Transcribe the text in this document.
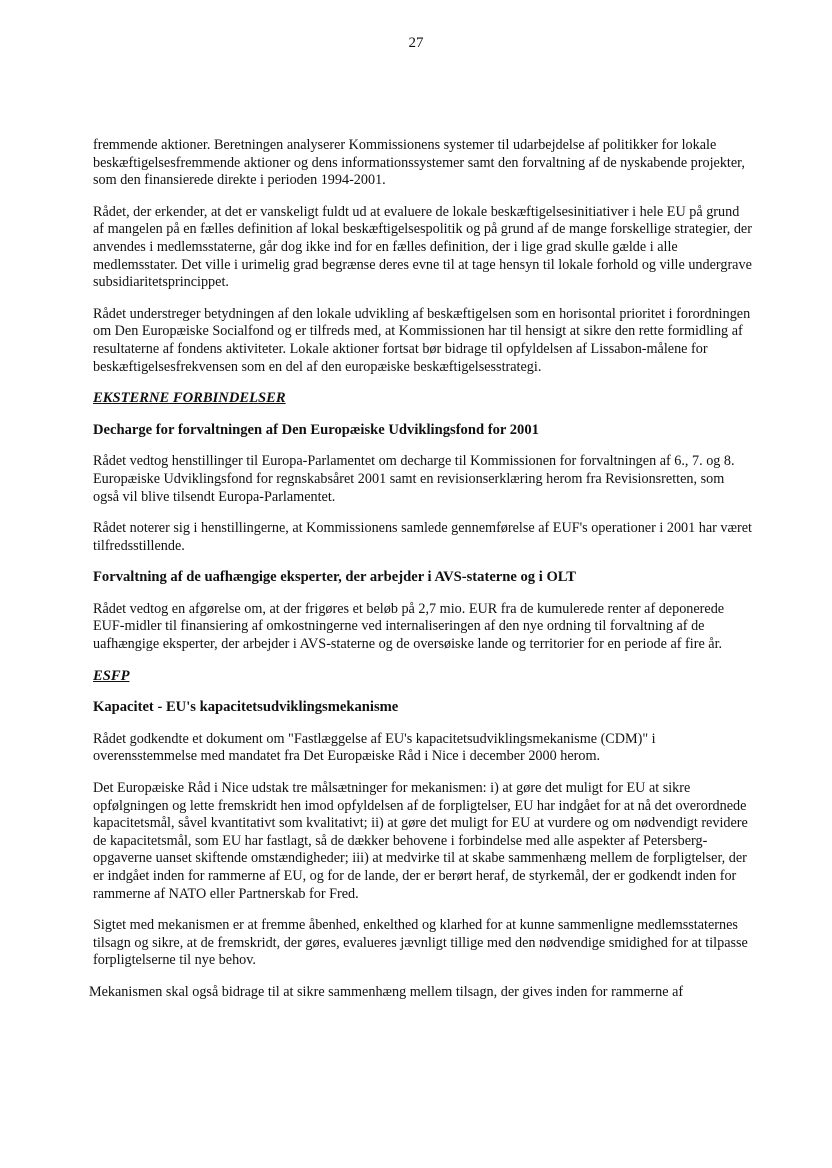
27

fremmende aktioner. Beretningen analyserer Kommissionens systemer til udarbejdelse af politikker for lokale beskæftigelsesfremmende aktioner og dens informationssystemer samt den forvaltning af de nyskabende projekter, som den finansierede direkte i perioden 1994-2001.

Rådet, der erkender, at det er vanskeligt fuldt ud at evaluere de lokale beskæftigelsesinitiativer i hele EU på grund af mangelen på en fælles definition af lokal beskæftigelsespolitik og på grund af de mange forskellige strategier, der anvendes i medlemsstaterne, går dog ikke ind for en fælles definition, der i lige grad skulle gælde i alle medlemsstater. Det ville i urimelig grad begrænse deres evne til at tage hensyn til lokale forhold og ville undergrave subsidiaritetsprincippet.

Rådet understreger betydningen af den lokale udvikling af beskæftigelsen som en horisontal prioritet i forordningen om Den Europæiske Socialfond og er tilfreds med, at Kommissionen har til hensigt at sikre den rette formidling af resultaterne af fondens aktiviteter. Lokale aktioner fortsat bør bidrage til opfyldelsen af Lissabon-målene for beskæftigelsesfrekvensen som en del af den europæiske beskæftigelsesstrategi.

EKSTERNE FORBINDELSER
Decharge for forvaltningen af Den Europæiske Udviklingsfond for 2001

Rådet vedtog henstillinger til Europa-Parlamentet om decharge til Kommissionen for forvaltningen af 6., 7. og 8. Europæiske Udviklingsfond for regnskabsåret 2001 samt en revisionserklæring herom fra Revisionsretten, som også vil blive tilsendt Europa-Parlamentet.

Rådet noterer sig i henstillingerne, at Kommissionens samlede gennemførelse af EUF's operationer i 2001 har været tilfredsstillende.

Forvaltning af de uafhængige eksperter, der arbejder i AVS-staterne og i OLT

Rådet vedtog en afgørelse om, at der frigøres et beløb på 2,7 mio. EUR fra de kumulerede renter af deponerede EUF-midler til finansiering af omkostningerne ved internaliseringen af den nye ordning til forvaltning af de uafhængige eksperter, der arbejder i AVS-staterne og de oversøiske lande og territorier for en periode af fire år.

ESFP
Kapacitet - EU's kapacitetsudviklingsmekanisme

Rådet godkendte et dokument om "Fastlæggelse af EU's kapacitetsudviklingsmekanisme (CDM)" i overensstemmelse med mandatet fra Det Europæiske Råd i Nice i december 2000 herom.

Det Europæiske Råd i Nice udstak tre målsætninger for mekanismen: i) at gøre det muligt for EU at sikre opfølgningen og lette fremskridt hen imod opfyldelsen af de forpligtelser, EU har indgået for at nå det overordnede kapacitetsmål, såvel kvantitativt som kvalitativt; ii) at gøre det muligt for EU at vurdere og om nødvendigt revidere de kapacitetsmål, som EU har fastlagt, så de dækker behovene i forbindelse med alle aspekter af Petersberg-opgaverne uanset skiftende omstændigheder; iii) at medvirke til at skabe sammenhæng mellem de forpligtelser, der er indgået inden for rammerne af EU, og for de lande, der er berørt heraf, de styrkemål, der er godkendt inden for rammerne af NATO eller Partnerskab for Fred.

Sigtet med mekanismen er at fremme åbenhed, enkelthed og klarhed for at kunne sammenligne medlemsstaternes tilsagn og sikre, at de fremskridt, der gøres, evalueres jævnligt tillige med den nødvendige smidighed for at tilpasse forpligtelserne til nye behov.

Mekanismen skal også bidrage til at sikre sammenhæng mellem tilsagn, der gives inden for rammerne af
